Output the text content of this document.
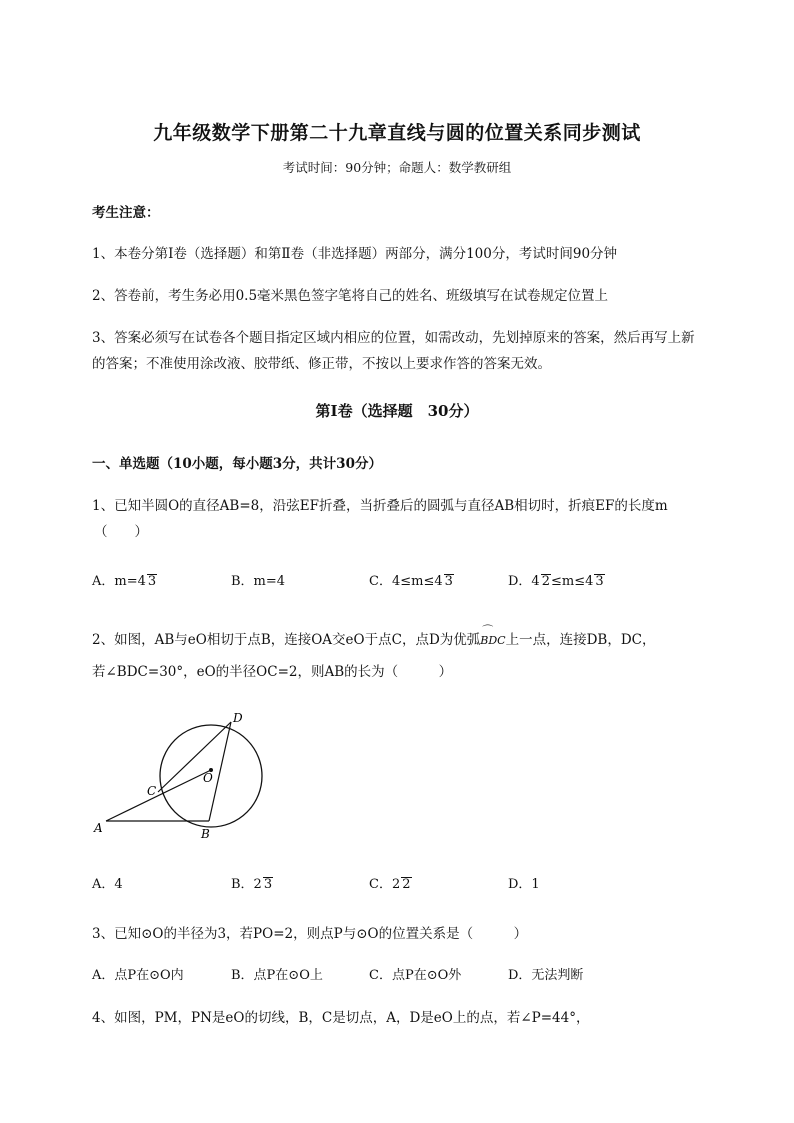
九年级数学下册第二十九章直线与圆的位置关系同步测试
考试时间：90分钟；命题人：数学教研组
考生注意：
1、本卷分第I卷（选择题）和第Ⅱ卷（非选择题）两部分，满分100分，考试时间90分钟
2、答卷前，考生务必用0.5毫米黑色签字笔将自己的姓名、班级填写在试卷规定位置上
3、答案必须写在试卷各个题目指定区域内相应的位置，如需改动，先划掉原来的答案，然后再写上新
的答案；不准使用涂改液、胶带纸、修正带，不按以上要求作答的答案无效。
第I卷（选择题　30分）
一、单选题（10小题，每小题3分，共计30分）
1、已知半圆O的直径AB=8，沿弦EF折叠，当折叠后的圆弧与直径AB相切时，折痕EF的长度m
（　　）
A．m=4 3	B．m=4	C．4≤m≤4 3	D．4 2≤m≤4 3
2、如图，AB与eO相切于点B，连接OA交eO于点C，点D为优弧
⌒
BDC上一点，连接DB，DC，
若∠BDC=30°，eO的半径OC=2，则AB的长为（　　　）
D
O
C
A	B
A．4	B．2 3	C．2 2	D．1
3、已知⊙O的半径为3，若PO=2，则点P与⊙O的位置关系是（　　　）
A．点P在⊙O内	B．点P在⊙O上	C．点P在⊙O外	D．无法判断
4、如图，PM，PN是eO的切线，B，C是切点，A，D是eO上的点，若∠P=44°，
